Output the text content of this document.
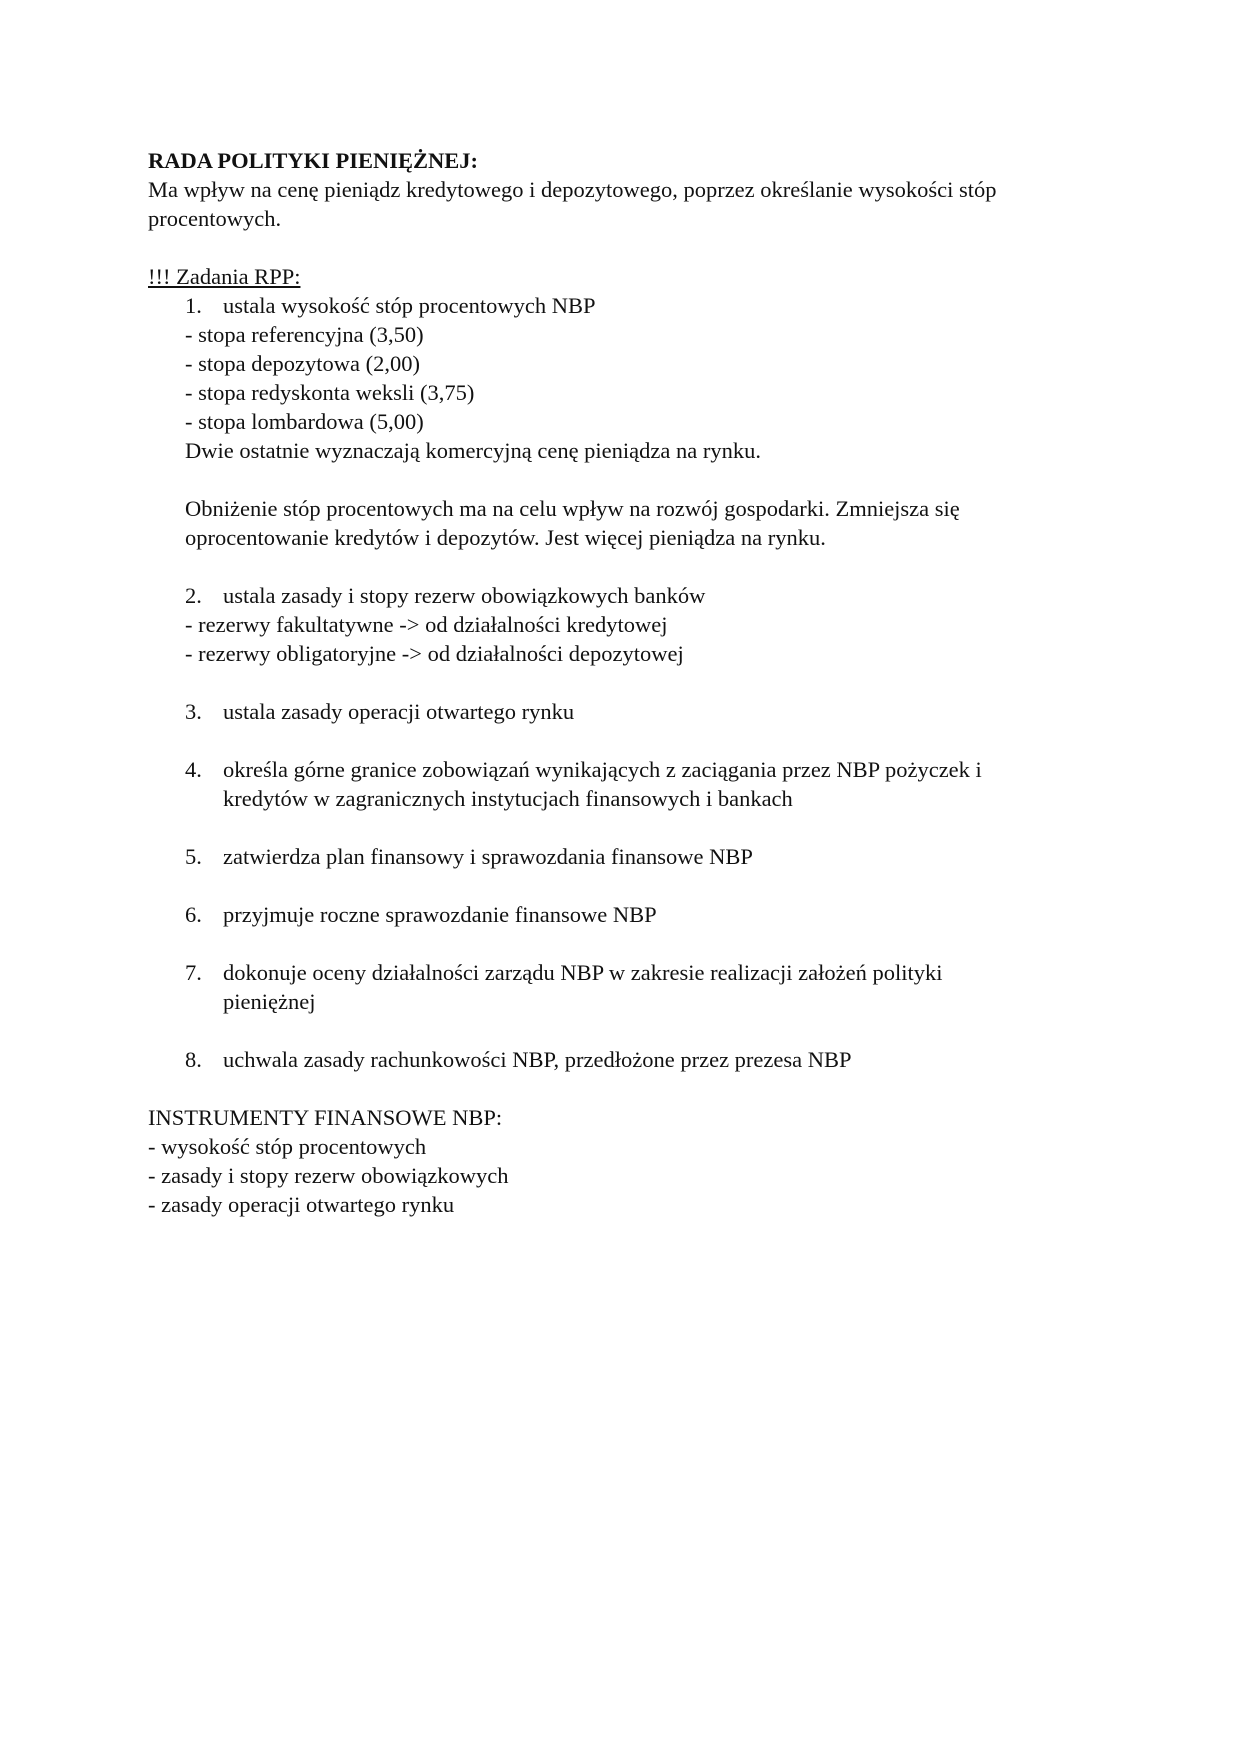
RADA POLITYKI PIENIĘŻNEJ:
Ma wpływ na cenę pieniądz kredytowego i depozytowego, poprzez określanie wysokości stóp
procentowych.
!!! Zadania RPP:
1. ustala wysokość stóp procentowych NBP
- stopa referencyjna (3,50)
- stopa depozytowa (2,00)
- stopa redyskonta weksli (3,75)
- stopa lombardowa (5,00)
Dwie ostatnie wyznaczają komercyjną cenę pieniądza na rynku.
Obniżenie stóp procentowych ma na celu wpływ na rozwój gospodarki. Zmniejsza się
oprocentowanie kredytów i depozytów. Jest więcej pieniądza na rynku.
2. ustala zasady i stopy rezerw obowiązkowych banków
- rezerwy fakultatywne -> od działalności kredytowej
- rezerwy obligatoryjne -> od działalności depozytowej
3. ustala zasady operacji otwartego rynku
4. określa górne granice zobowiązań wynikających z zaciągania przez NBP pożyczek i
kredytów w zagranicznych instytucjach finansowych i bankach
5. zatwierdza plan finansowy i sprawozdania finansowe NBP
6. przyjmuje roczne sprawozdanie finansowe NBP
7. dokonuje oceny działalności zarządu NBP w zakresie realizacji założeń polityki
pieniężnej
8. uchwala zasady rachunkowości NBP, przedłożone przez prezesa NBP
INSTRUMENTY FINANSOWE NBP:
- wysokość stóp procentowych
- zasady i stopy rezerw obowiązkowych
- zasady operacji otwartego rynku
